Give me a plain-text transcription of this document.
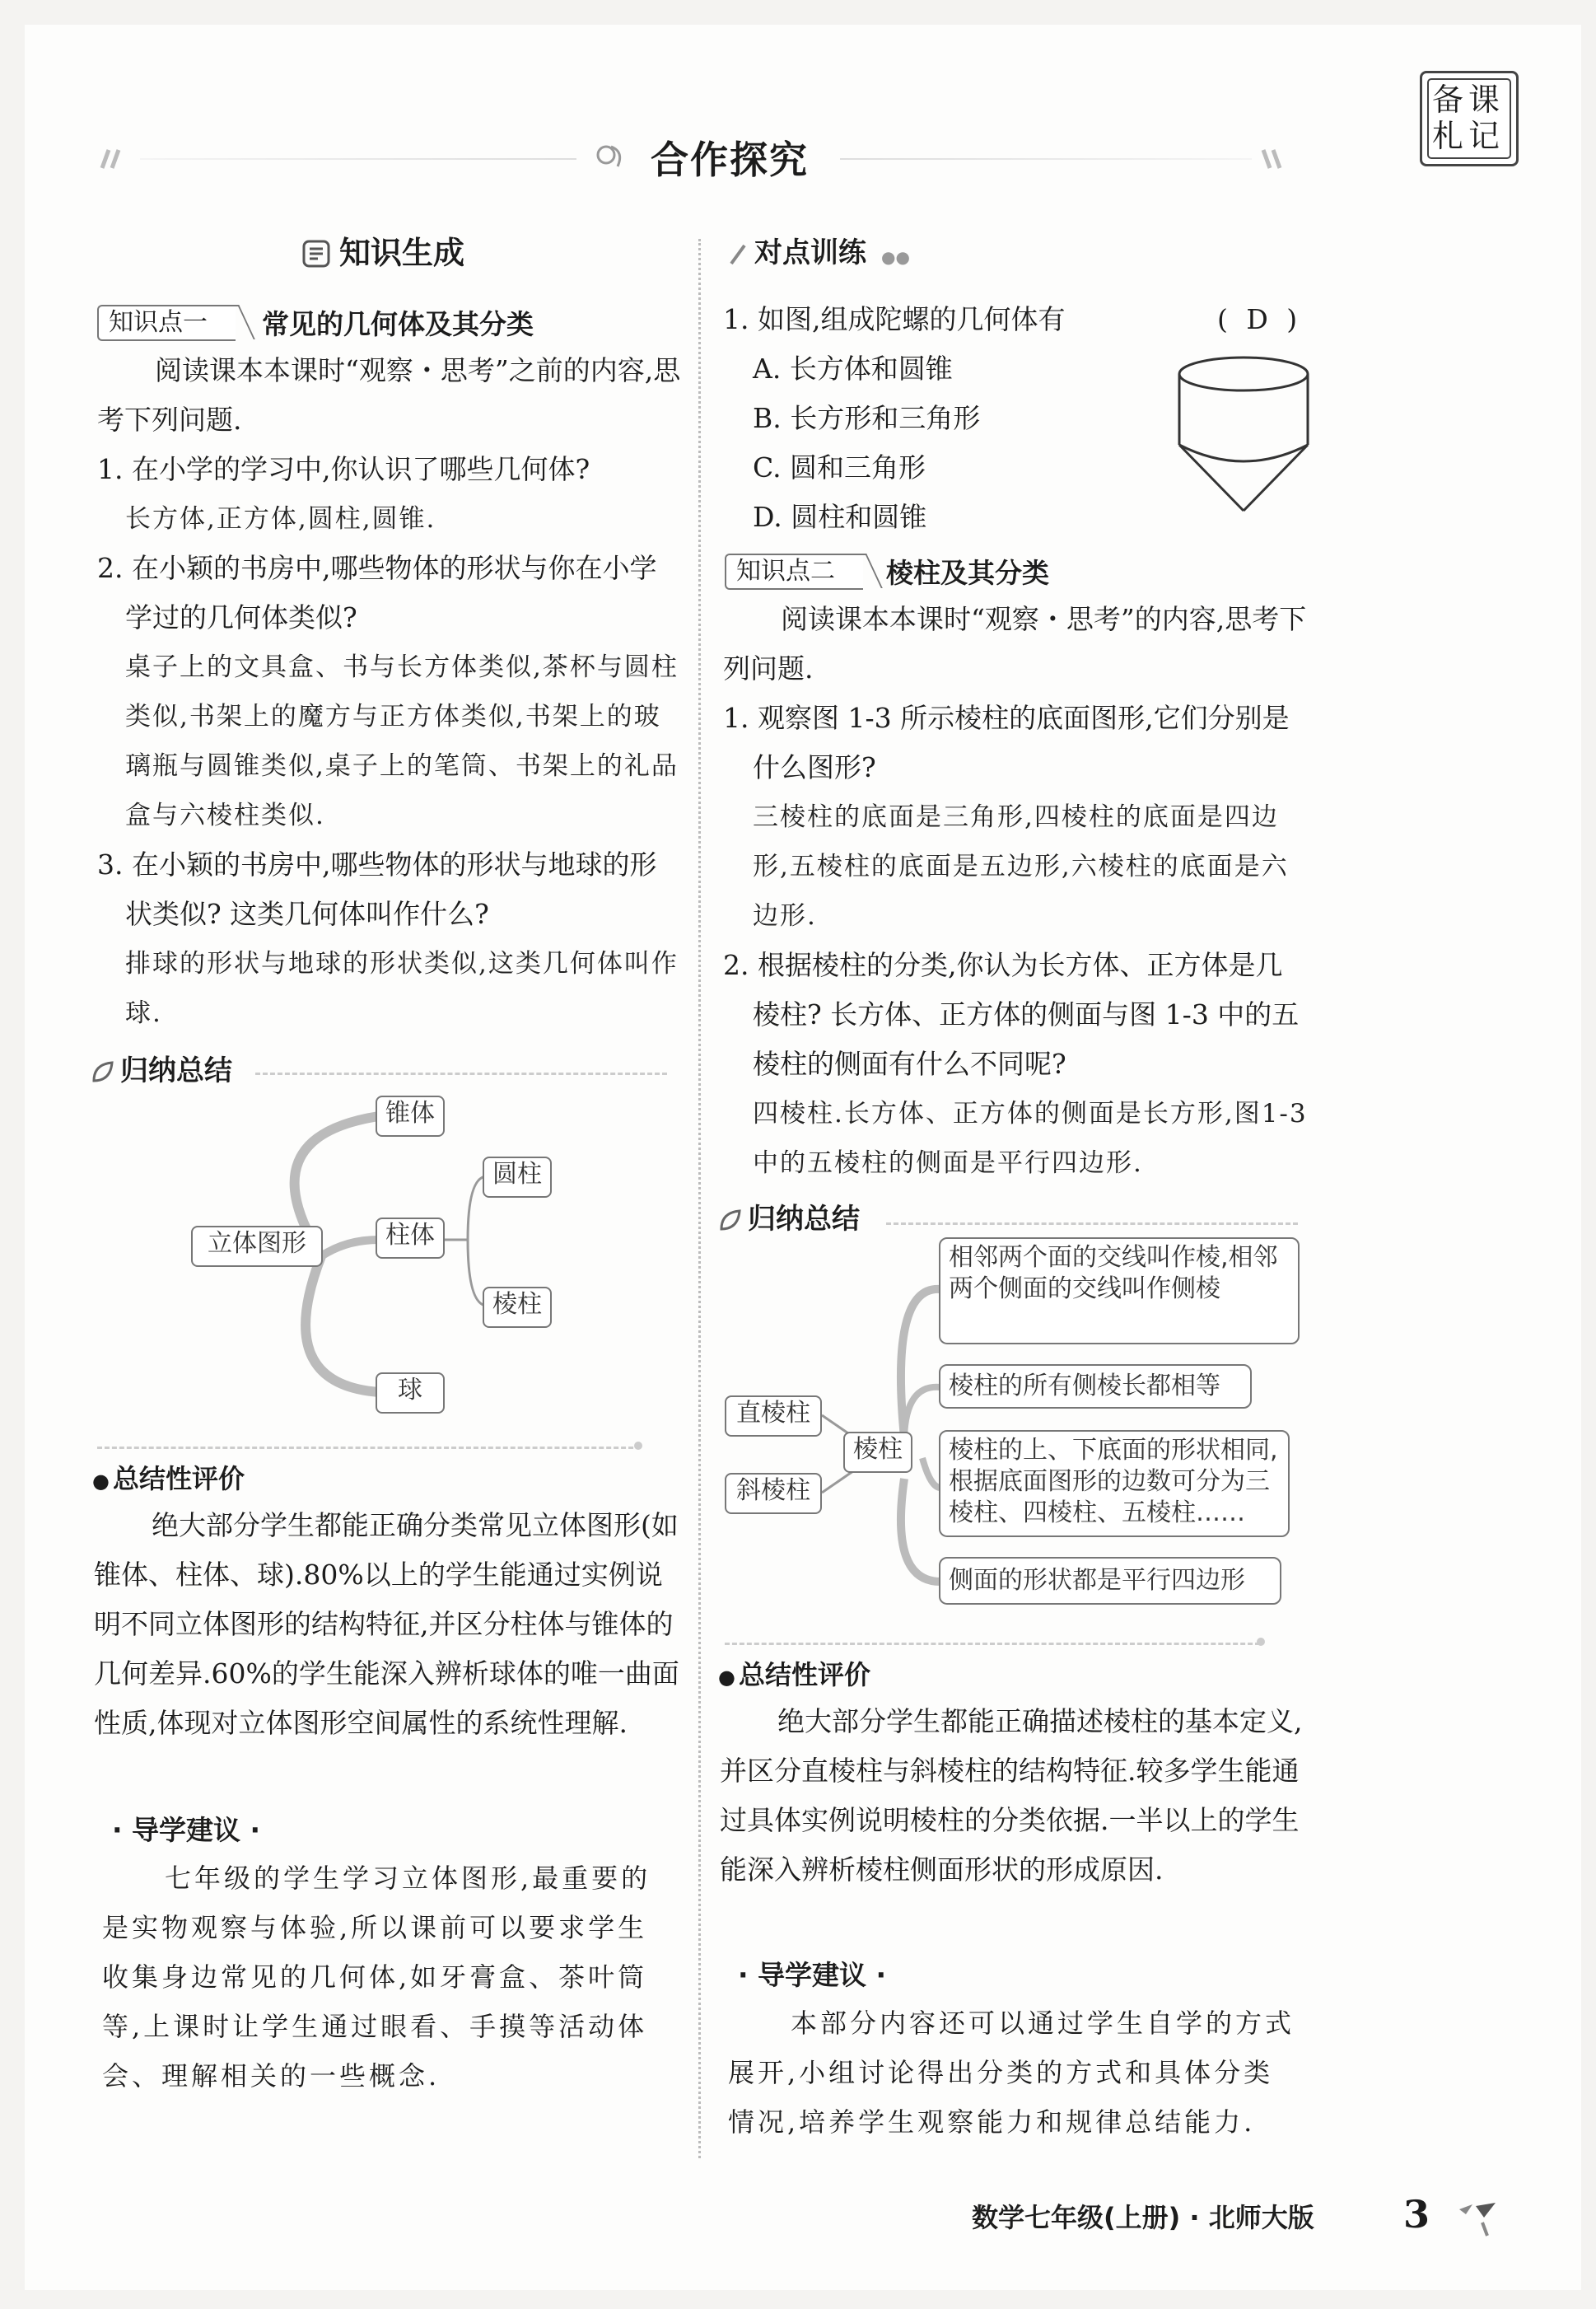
合作探究
备课札记
知识生成
知识点一	常见的几何体及其分类
阅读课本本课时“观察・思考”之前的内容,思考下列问题.
1. 在小学的学习中,你认识了哪些几何体?
长方体,正方体,圆柱,圆锥.
2. 在小颖的书房中,哪些物体的形状与你在小学学过的几何体类似?
桌子上的文具盒、书与长方体类似,茶杯与圆柱类似,书架上的魔方与正方体类似,书架上的玻璃瓶与圆锥类似,桌子上的笔筒、书架上的礼品盒与六棱柱类似.
3. 在小颖的书房中,哪些物体的形状与地球的形状类似? 这类几何体叫作什么?
排球的形状与地球的形状类似,这类几何体叫作球.
归纳总结
立体图形
锥体
柱体
球
圆柱
棱柱
● 总结性评价
绝大部分学生都能正确分类常见立体图形(如锥体、柱体、球).80%以上的学生能通过实例说明不同立体图形的结构特征,并区分柱体与锥体的几何差异.60%的学生能深入辨析球体的唯一曲面性质,体现对立体图形空间属性的系统性理解.
· 导学建议 ·
七年级的学生学习立体图形,最重要的是实物观察与体验,所以课前可以要求学生收集身边常见的几何体,如牙膏盒、茶叶筒等,上课时让学生通过眼看、手摸等活动体会、理解相关的一些概念.
对点训练 ●●
1. 如图,组成陀螺的几何体有	( D )
A. 长方体和圆锥
B. 长方形和三角形
C. 圆和三角形
D. 圆柱和圆锥
知识点二	棱柱及其分类
阅读课本本课时“观察・思考”的内容,思考下列问题.
1. 观察图 1-3 所示棱柱的底面图形,它们分别是什么图形?
三棱柱的底面是三角形,四棱柱的底面是四边形,五棱柱的底面是五边形,六棱柱的底面是六边形.
2. 根据棱柱的分类,你认为长方体、正方体是几棱柱? 长方体、正方体的侧面与图 1-3 中的五棱柱的侧面有什么不同呢?
四棱柱.长方体、正方体的侧面是长方形,图1-3 中的五棱柱的侧面是平行四边形.
归纳总结
直棱柱
斜棱柱
棱柱
相邻两个面的交线叫作棱,相邻两个侧面的交线叫作侧棱
棱柱的所有侧棱长都相等
棱柱的上、下底面的形状相同,根据底面图形的边数可分为三棱柱、四棱柱、五棱柱……
侧面的形状都是平行四边形
● 总结性评价
绝大部分学生都能正确描述棱柱的基本定义,并区分直棱柱与斜棱柱的结构特征.较多学生能通过具体实例说明棱柱的分类依据.一半以上的学生能深入辨析棱柱侧面形状的形成原因.
· 导学建议 ·
本部分内容还可以通过学生自学的方式展开,小组讨论得出分类的方式和具体分类情况,培养学生观察能力和规律总结能力.
数学七年级(上册) · 北师大版 3
